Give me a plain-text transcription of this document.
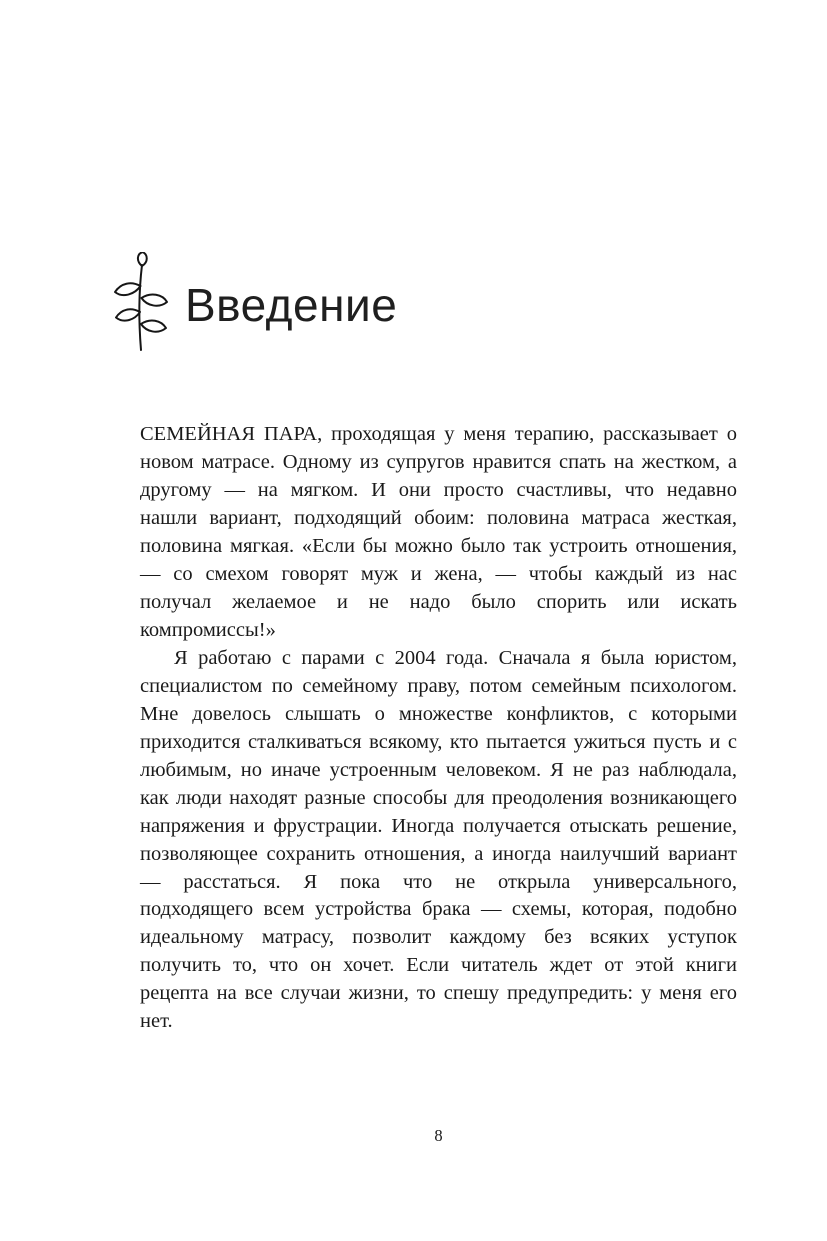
Введение

СЕМЕЙНАЯ ПАРА, проходящая у меня терапию, рассказывает о новом матрасе. Одному из супругов нравится спать на жестком, а другому — на мягком. И они просто счастливы, что недавно нашли вариант, подходящий обоим: половина матраса жесткая, половина мягкая. «Если бы можно было так устроить отношения, — со смехом говорят муж и жена, — чтобы каждый из нас получал желаемое и не надо было спорить или искать компромиссы!»

Я работаю с парами с 2004 года. Сначала я была юристом, специалистом по семейному праву, потом семейным психологом. Мне довелось слышать о множестве конфликтов, с которыми приходится сталкиваться всякому, кто пытается ужиться пусть и с любимым, но иначе устроенным человеком. Я не раз наблюдала, как люди находят разные способы для преодоления возникающего напряжения и фрустрации. Иногда получается отыскать решение, позволяющее сохранить отношения, а иногда наилучший вариант — расстаться. Я пока что не открыла универсального, подходящего всем устройства брака — схемы, которая, подобно идеальному матрасу, позволит каждому без всяких уступок получить то, что он хочет. Если читатель ждет от этой книги рецепта на все случаи жизни, то спешу предупредить: у меня его нет.

8
